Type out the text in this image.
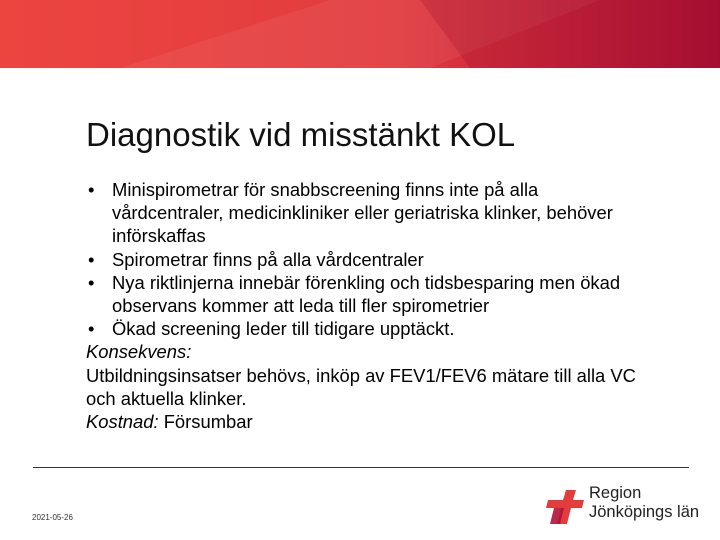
Diagnostik vid misstänkt KOL
• Minispirometrar för snabbscreening finns inte på alla vårdcentraler, medicinkliniker eller geriatriska klinker, behöver införskaffas
• Spirometrar finns på alla vårdcentraler
• Nya riktlinjerna innebär förenkling och tidsbesparing men ökad observans kommer att leda till fler spirometrier
• Ökad screening leder till tidigare upptäckt.
Konsekvens:
Utbildningsinsatser behövs, inköp av FEV1/FEV6 mätare till alla VC och aktuella klinker.
Kostnad: Försumbar
2021-05-26
Region
Jönköpings län
